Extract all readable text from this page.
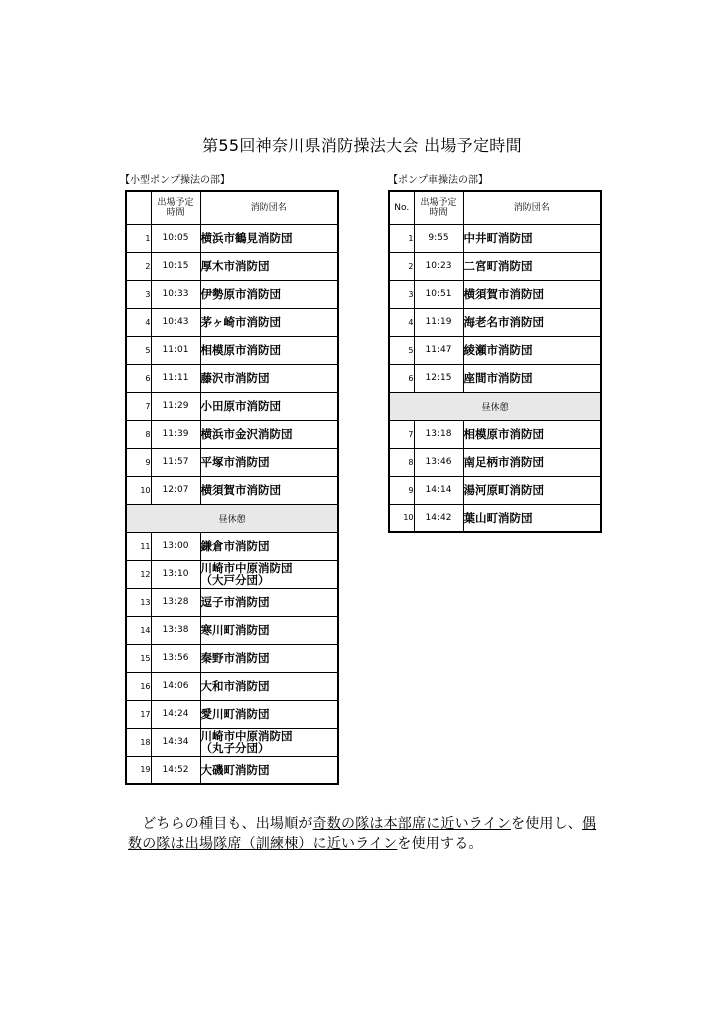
第55回神奈川県消防操法大会 出場予定時間
【小型ポンプ操法の部】	【ポンプ車操法の部】
	出場予定
時間	消防団名
1	10:05	横浜市鶴見消防団

2	10:15	厚木市消防団

3	10:33	伊勢原市消防団

4	10:43	茅ヶ崎市消防団

5	11:01	相模原市消防団

6	11:11	藤沢市消防団

7	11:29	小田原市消防団

8	11:39	横浜市金沢消防団

9	11:57	平塚市消防団

10	12:07	横須賀市消防団

昼休憩		
11	13:00	鎌倉市消防団

12	13:10	川崎市中原消防団
（大戸分団）

13	13:28	逗子市消防団

14	13:38	寒川町消防団

15	13:56	秦野市消防団

16	14:06	大和市消防団

17	14:24	愛川町消防団

18	14:34	川崎市中原消防団
（丸子分団）

19	14:52	大磯町消防団
No.	出場予定
時間	消防団名
1	9:55	中井町消防団

2	10:23	二宮町消防団

3	10:51	横須賀市消防団

4	11:19	海老名市消防団

5	11:47	綾瀬市消防団

6	12:15	座間市消防団

昼休憩		
7	13:18	相模原市消防団

8	13:46	南足柄市消防団

9	14:14	湯河原町消防団

10	14:42	葉山町消防団
　どちらの種目も、出場順が奇数の隊は本部席に近いラインを使用し、偶数の隊は出場隊席（訓練棟）に近いラインを使用する。
